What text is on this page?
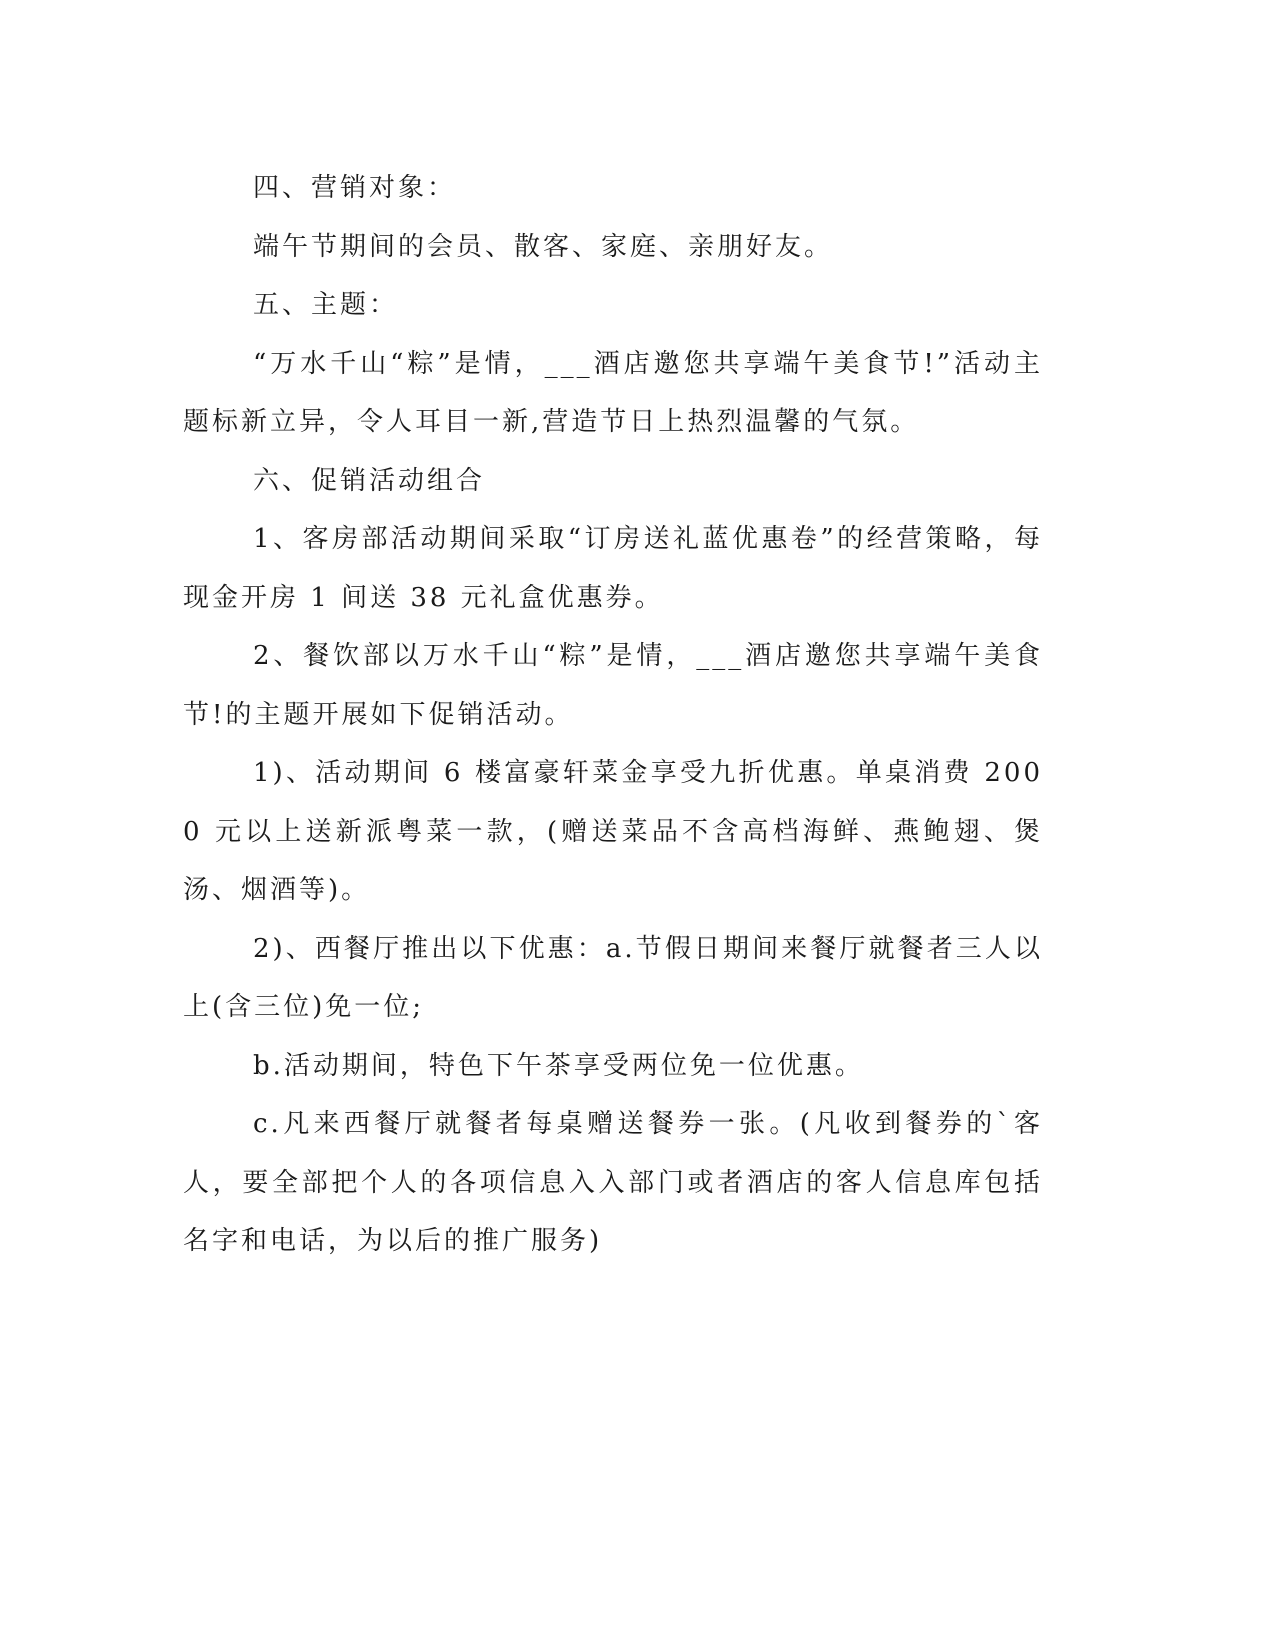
四、营销对象：

端午节期间的会员、散客、家庭、亲朋好友。

五、主题：

“万水千山“粽”是情，___酒店邀您共享端午美食节!”活动主题标新立异，令人耳目一新,营造节日上热烈温馨的气氛。

六、促销活动组合

1、客房部活动期间采取“订房送礼蓝优惠卷”的经营策略，每现金开房 1 间送 38 元礼盒优惠券。

2、餐饮部以万水千山“粽”是情，___酒店邀您共享端午美食节!的主题开展如下促销活动。

1)、活动期间 6 楼富豪轩菜金享受九折优惠。单桌消费 2000 元以上送新派粤菜一款，(赠送菜品不含高档海鲜、燕鲍翅、煲汤、烟酒等)。

2)、西餐厅推出以下优惠：a.节假日期间来餐厅就餐者三人以上(含三位)免一位;

b.活动期间，特色下午茶享受两位免一位优惠。

c.凡来西餐厅就餐者每桌赠送餐券一张。(凡收到餐券的`客人，要全部把个人的各项信息入入部门或者酒店的客人信息库包括名字和电话，为以后的推广服务)
